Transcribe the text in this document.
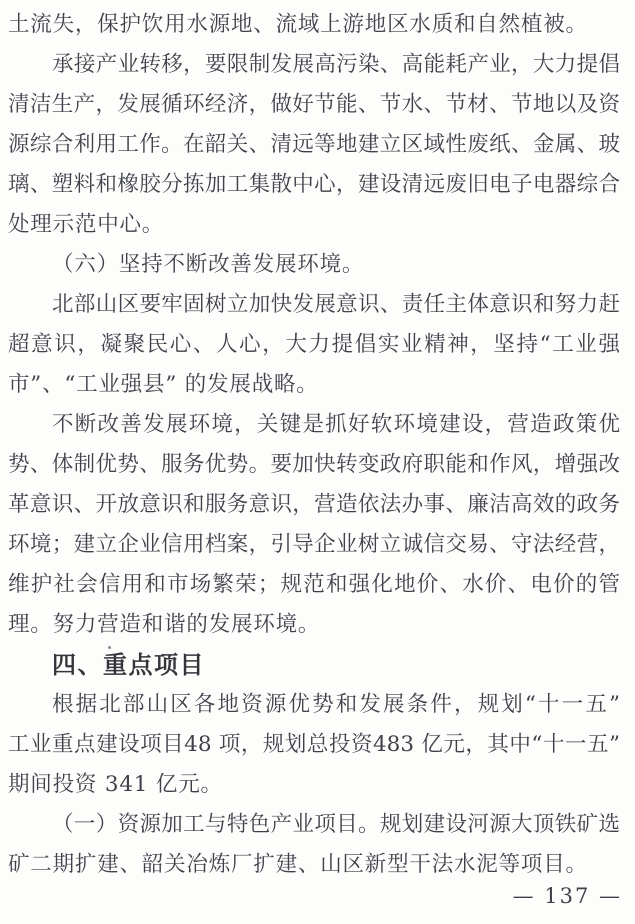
土流失，保护饮用水源地、流域上游地区水质和自然植被。
承接产业转移，要限制发展高污染、高能耗产业，大力提倡
清洁生产，发展循环经济，做好节能、节水、节材、节地以及资
源综合利用工作。在韶关、清远等地建立区域性废纸、金属、玻
璃、塑料和橡胶分拣加工集散中心，建设清远废旧电子电器综合
处理示范中心。
（六）坚持不断改善发展环境。
北部山区要牢固树立加快发展意识、责任主体意识和努力赶
超意识，凝聚民心、人心，大力提倡实业精神，坚持“工业强
市”、“工业强县” 的发展战略。
不断改善发展环境，关键是抓好软环境建设，营造政策优
势、体制优势、服务优势。要加快转变政府职能和作风，增强改
革意识、开放意识和服务意识，营造依法办事、廉洁高效的政务
环境；建立企业信用档案，引导企业树立诚信交易、守法经营，
维护社会信用和市场繁荣；规范和强化地价、水价、电价的管
理。努力营造和谐的发展环境。
四、重点项目
根据北部山区各地资源优势和发展条件，规划“十一五”
工业重点建设项目48 项，规划总投资483 亿元，其中“十一五”
期间投资 341 亿元。
（一）资源加工与特色产业项目。规划建设河源大顶铁矿选
矿二期扩建、韶关冶炼厂扩建、山区新型干法水泥等项目。
— 137 —
